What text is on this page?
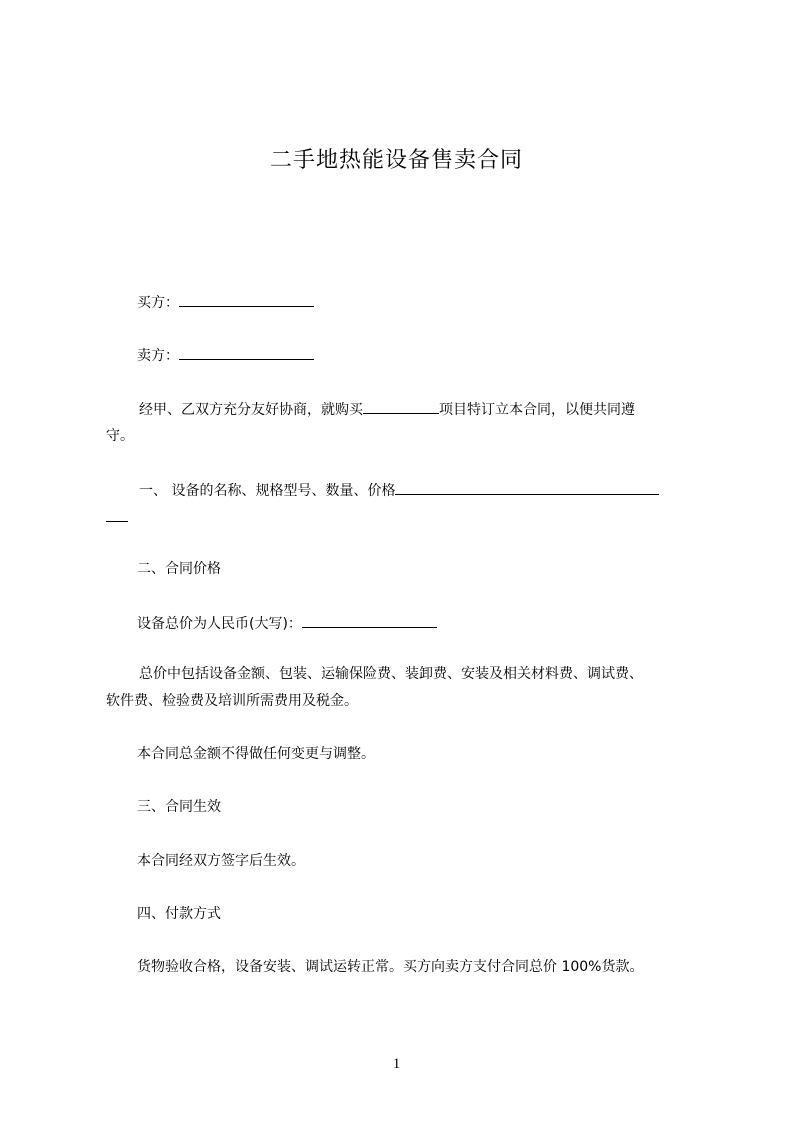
二手地热能设备售卖合同
买方：
卖方：
经甲、乙双方充分友好协商，就购买	项目特订立本合同，以便共同遵
守。
一、 设备的名称、规格型号、数量、价格
二、合同价格
设备总价为人民币(大写)：
总价中包括设备金额、包装、运输保险费、装卸费、安装及相关材料费、调试费、
软件费、检验费及培训所需费用及税金。
本合同总金额不得做任何变更与调整。
三、合同生效
本合同经双方签字后生效。
四、付款方式
货物验收合格，设备安装、调试运转正常。买方向卖方支付合同总价 100%货款。
1
